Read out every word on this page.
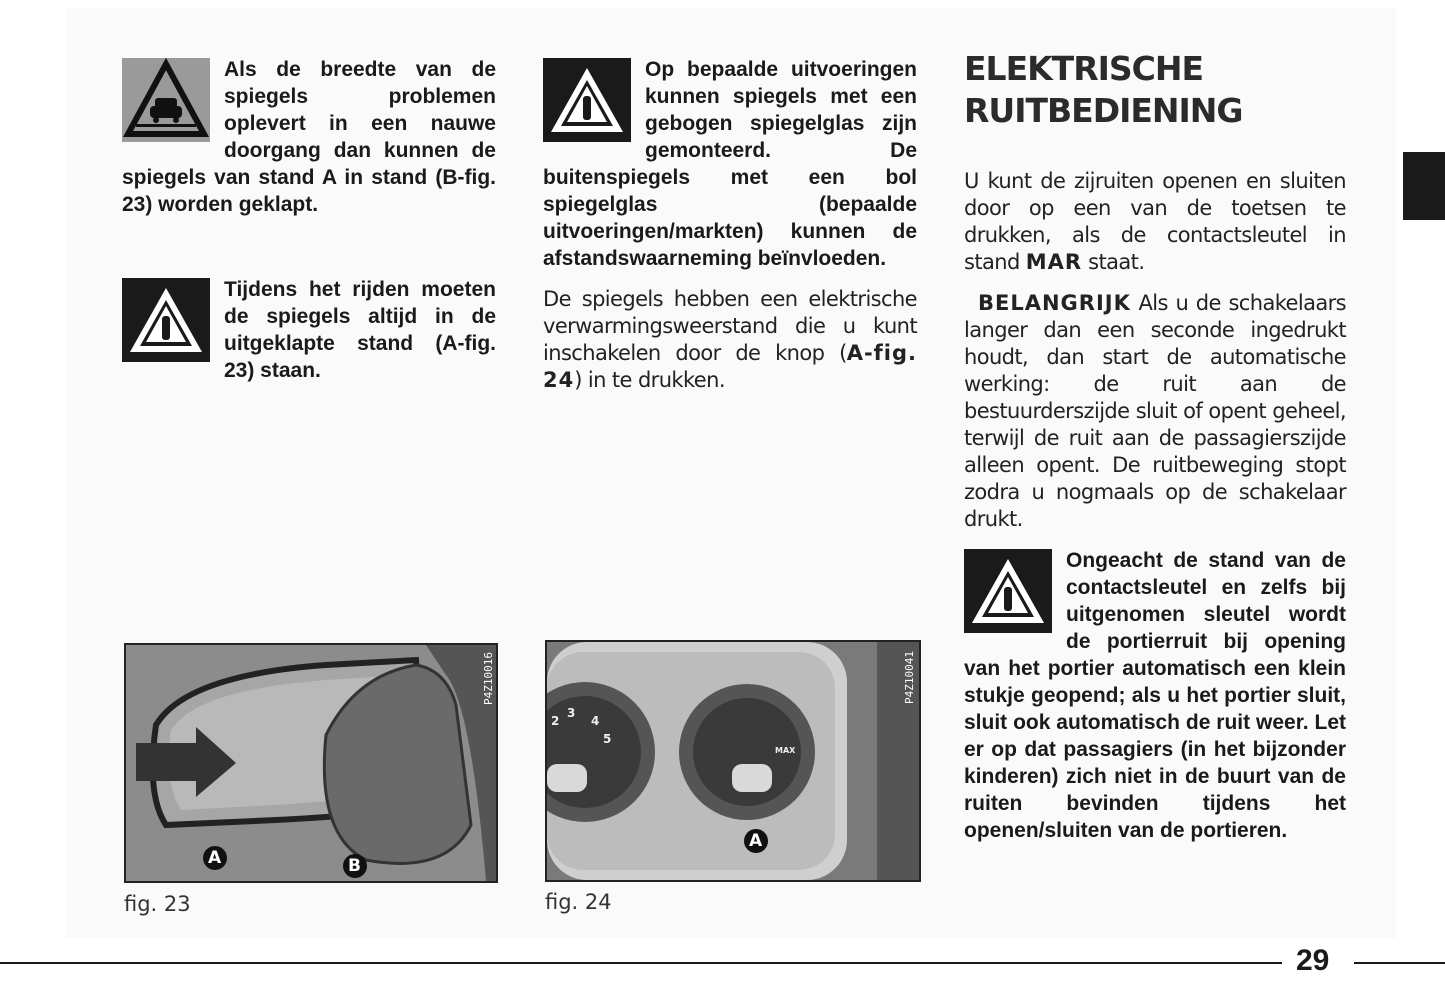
Als de breedte van de spiegels problemen oplevert in een nauwe doorgang dan kunnen de spiegels van stand A in stand (B-fig. 23) worden geklapt.
Tijdens het rijden moeten de spiegels altijd in de uitgeklapte stand (A-fig. 23) staan.
P4Z10016
A	B
fig. 23
Op bepaalde uitvoeringen kunnen spiegels met een gebogen spiegelglas zijn gemonteerd. De buitenspiegels met een bol spiegelglas (bepaalde uitvoeringen/markten) kunnen de afstandswaarneming beïnvloeden.

De spiegels hebben een elektrische verwarmingsweerstand die u kunt inschakelen door de knop (A-fig. 24) in te drukken.

2
3
4
5
MAX
P4Z10041
A
fig. 24
ELEKTRISCHE
RUITBEDIENING

U kunt de zijruiten openen en sluiten door op een van de toetsen te drukken, als de contactsleutel in stand MAR staat.

BELANGRIJK Als u de schakelaars langer dan een seconde ingedrukt houdt, dan start de automatische werking: de ruit aan de bestuurderszijde sluit of opent geheel, terwijl de ruit aan de passagierszijde alleen opent. De ruitbeweging stopt zodra u nogmaals op de schakelaar drukt.

Ongeacht de stand van de contactsleutel en zelfs bij uitgenomen sleutel wordt de portierruit bij opening van het portier automatisch een klein stukje geopend; als u het portier sluit, sluit ook automatisch de ruit weer. Let er op dat passagiers (in het bijzonder kinderen) zich niet in de buurt van de ruiten bevinden tijdens het openen/sluiten van de portieren.
29
